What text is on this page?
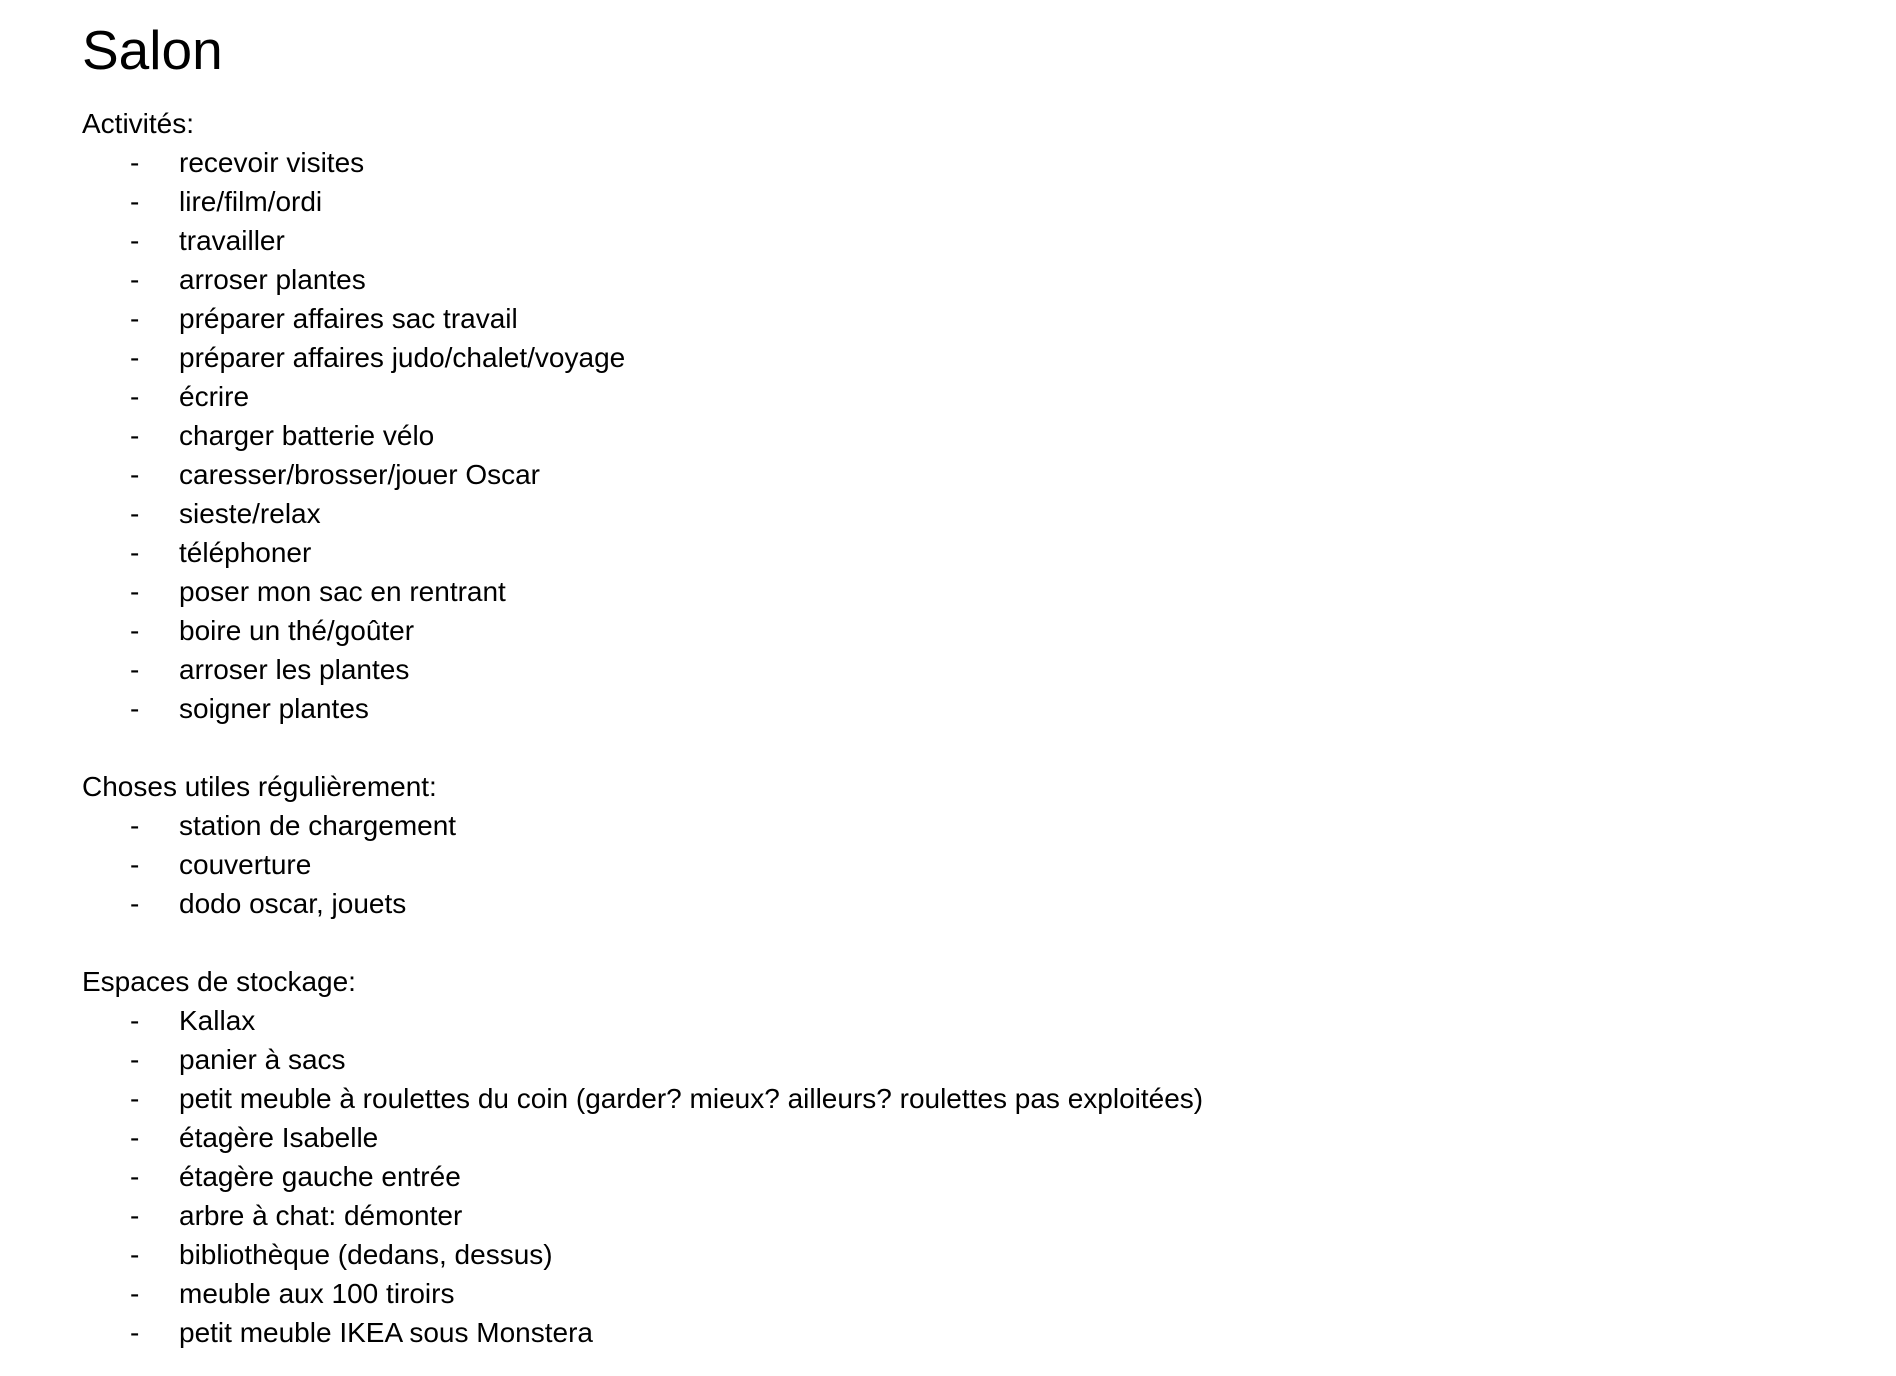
Salon

Activités:

- recevoir visites
- lire/film/ordi
- travailler
- arroser plantes
- préparer affaires sac travail
- préparer affaires judo/chalet/voyage
- écrire
- charger batterie vélo
- caresser/brosser/jouer Oscar
- sieste/relax
- téléphoner
- poser mon sac en rentrant
- boire un thé/goûter
- arroser les plantes
- soigner plantes

Choses utiles régulièrement:

- station de chargement
- couverture
- dodo oscar, jouets

Espaces de stockage:

- Kallax
- panier à sacs
- petit meuble à roulettes du coin (garder? mieux? ailleurs? roulettes pas exploitées)
- étagère Isabelle
- étagère gauche entrée
- arbre à chat: démonter
- bibliothèque (dedans, dessus)
- meuble aux 100 tiroirs
- petit meuble IKEA sous Monstera
